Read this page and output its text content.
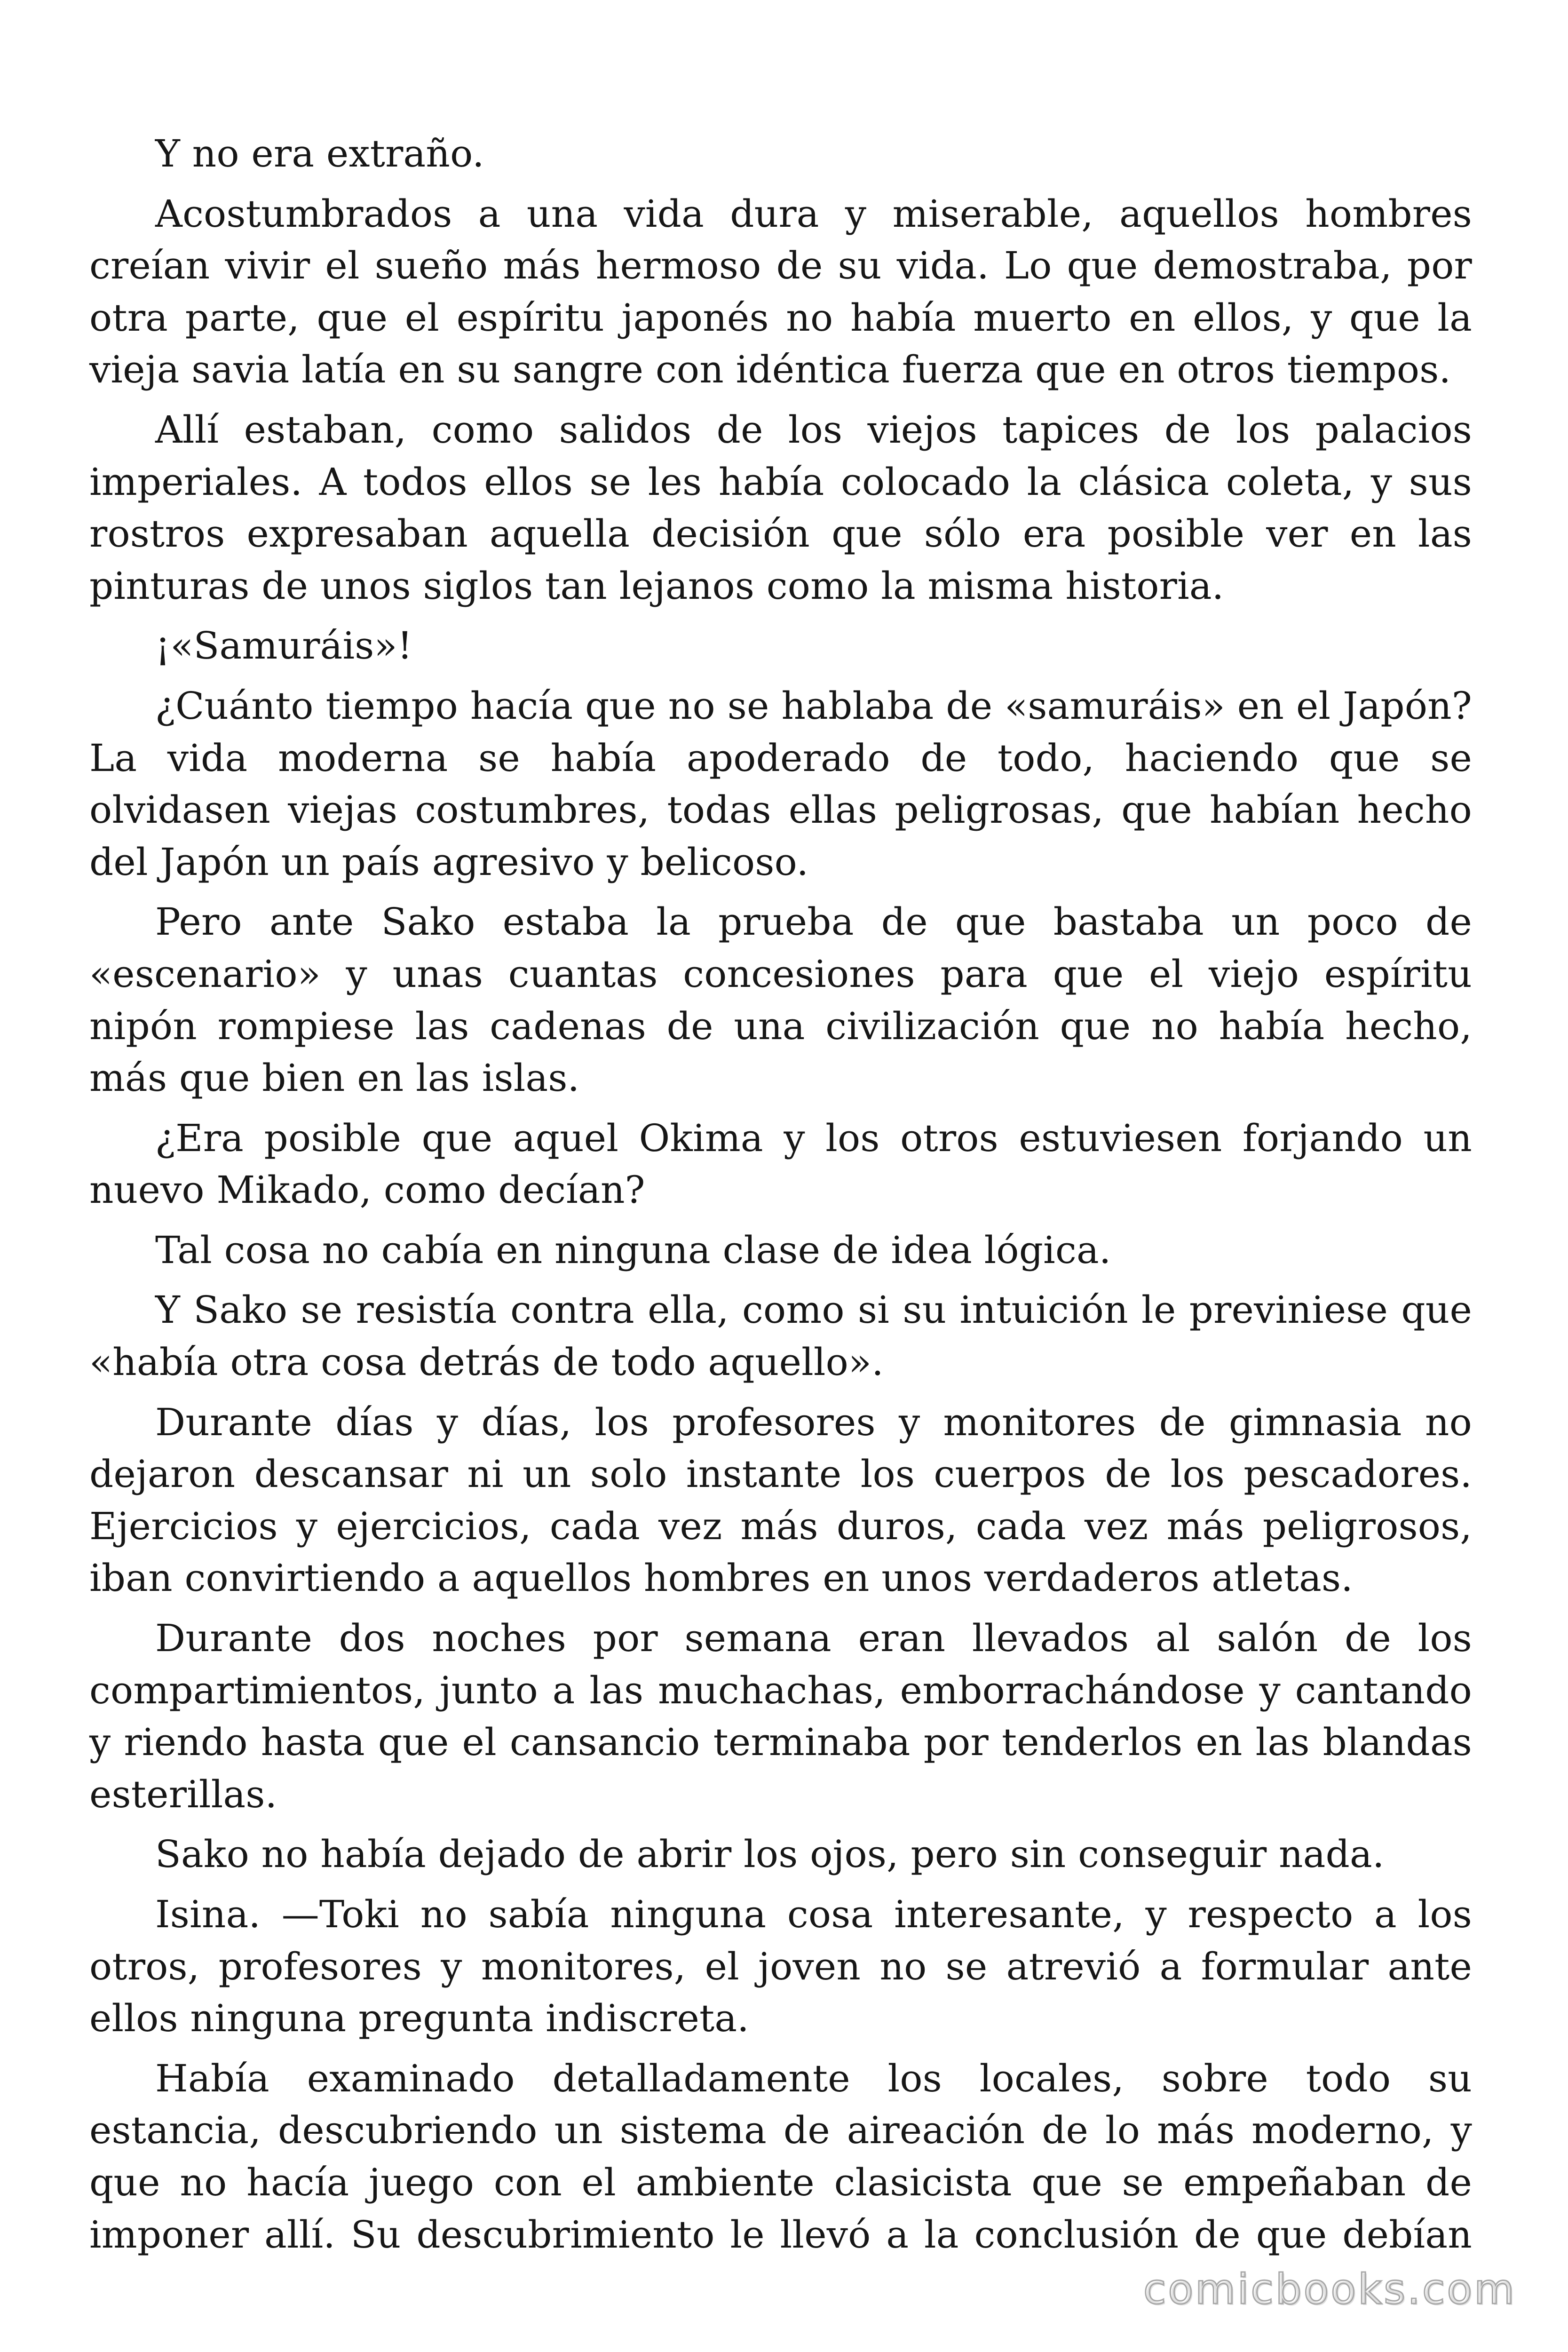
Y no era extraño.

Acostumbrados a una vida dura y miserable, aquellos hombres creían vivir el sueño más hermoso de su vida. Lo que demostraba, por otra parte, que el espíritu japonés no había muerto en ellos, y que la vieja savia latía en su sangre con idéntica fuerza que en otros tiempos.

Allí estaban, como salidos de los viejos tapices de los palacios imperiales. A todos ellos se les había colocado la clásica coleta, y sus rostros expresaban aquella decisión que sólo era posible ver en las pinturas de unos siglos tan lejanos como la misma historia.

¡«Samuráis»!

¿Cuánto tiempo hacía que no se hablaba de «samuráis» en el Japón? La vida moderna se había apoderado de todo, haciendo que se olvidasen viejas costumbres, todas ellas peligrosas, que habían hecho del Japón un país agresivo y belicoso.

Pero ante Sako estaba la prueba de que bastaba un poco de «escenario» y unas cuantas concesiones para que el viejo espíritu nipón rompiese las cadenas de una civilización que no había hecho, más que bien en las islas.

¿Era posible que aquel Okima y los otros estuviesen forjando un nuevo Mikado, como decían?

Tal cosa no cabía en ninguna clase de idea lógica.

Y Sako se resistía contra ella, como si su intuición le previniese que «había otra cosa detrás de todo aquello».

Durante días y días, los profesores y monitores de gimnasia no dejaron descansar ni un solo instante los cuerpos de los pescadores. Ejercicios y ejercicios, cada vez más duros, cada vez más peligrosos, iban convirtiendo a aquellos hombres en unos verdaderos atletas.

Durante dos noches por semana eran llevados al salón de los compartimientos, junto a las muchachas, emborrachándose y cantando y riendo hasta que el cansancio terminaba por tenderlos en las blandas esterillas.

Sako no había dejado de abrir los ojos, pero sin conseguir nada.

Isina. —Toki no sabía ninguna cosa interesante, y respecto a los otros, profesores y monitores, el joven no se atrevió a formular ante ellos ninguna pregunta indiscreta.

Había examinado detalladamente los locales, sobre todo su estancia, descubriendo un sistema de aireación de lo más moderno, y que no hacía juego con el ambiente clasicista que se empeñaban de imponer allí. Su descubrimiento le llevó a la conclusión de que debían

comicbooks.com
